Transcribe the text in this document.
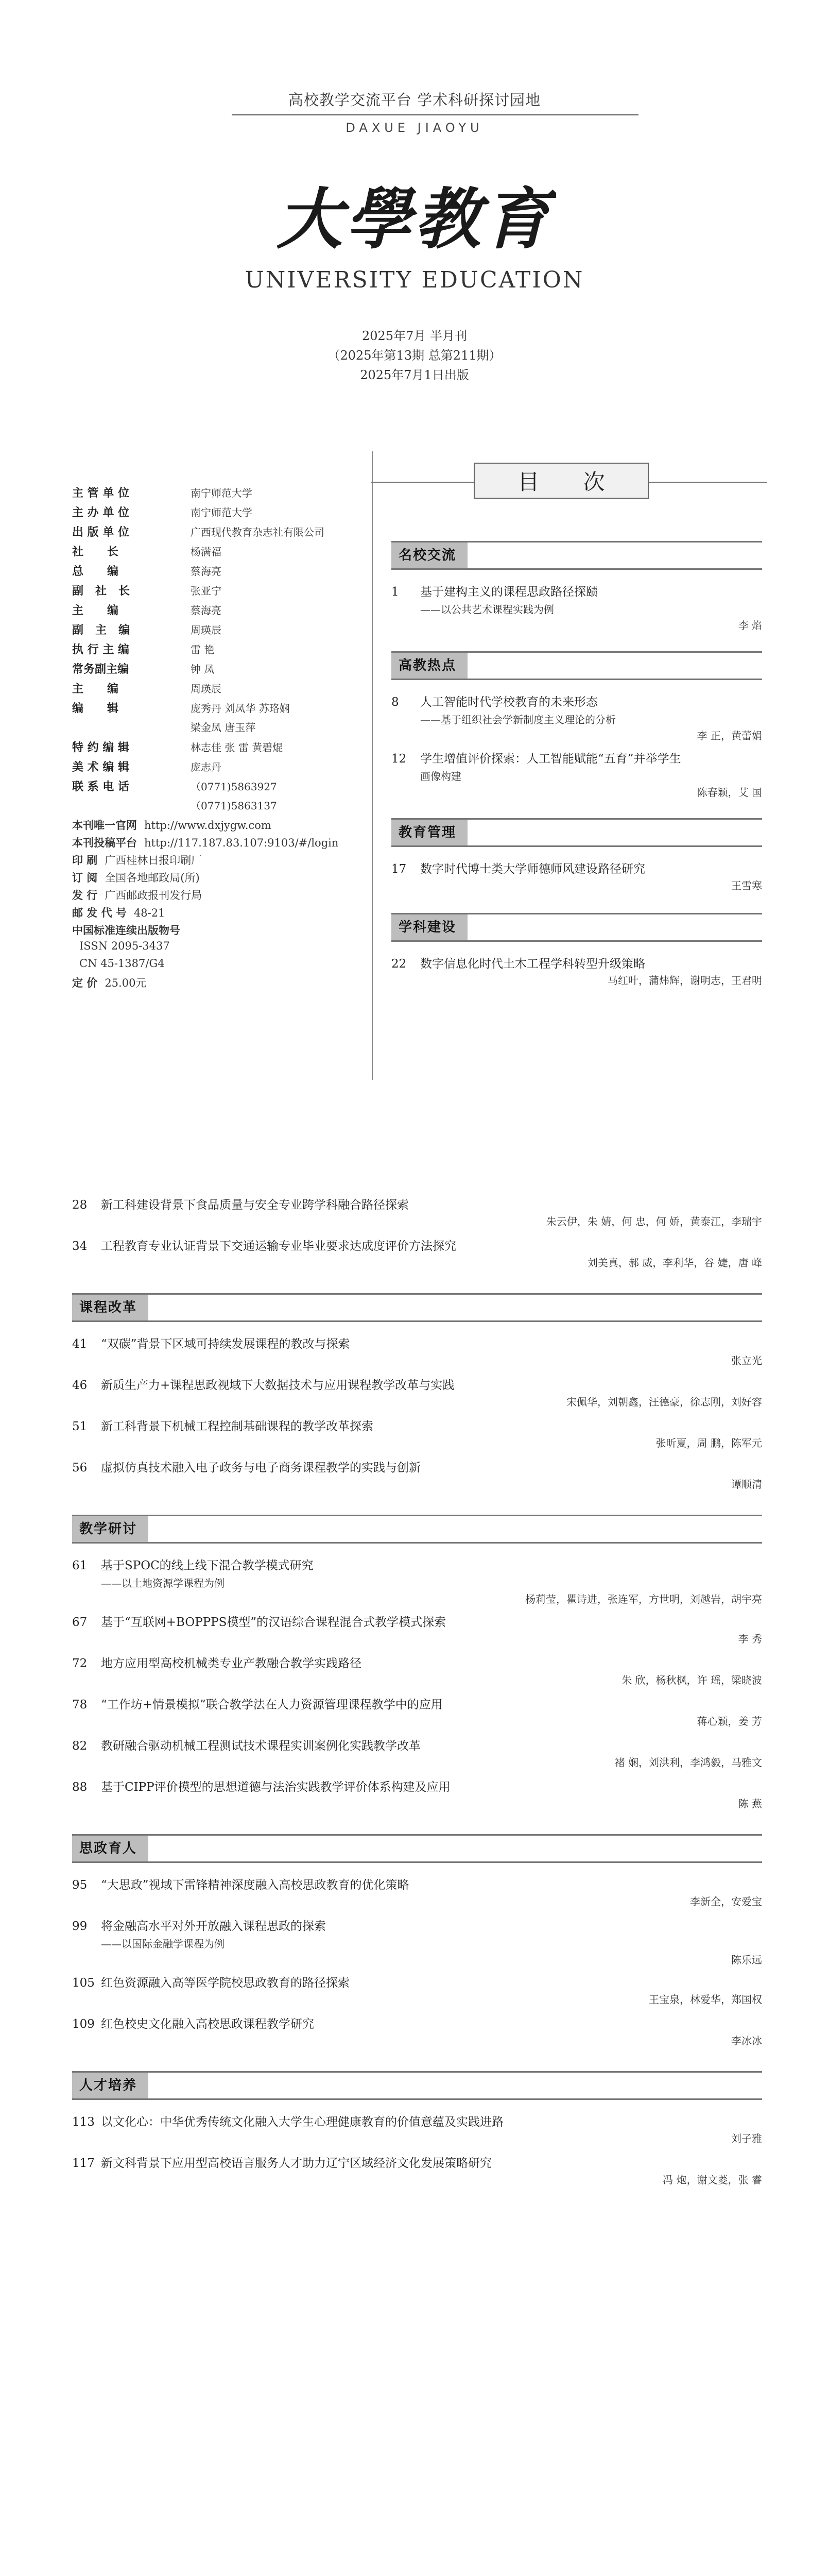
高校教学交流平台 学术科研探讨园地
DAXUE JIAOYU
大學教育
UNIVERSITY EDUCATION
2025年7月 半月刊
（2025年第13期 总第211期）
2025年7月1日出版
主 管 单 位	南宁师范大学
主 办 单 位	南宁师范大学
出 版 单 位	广西现代教育杂志社有限公司
社      长	杨满福
总      编	蔡海亮
副   社   长	张亚宁
主      编	蔡海亮
副   主   编	周瑛辰
执 行 主 编	雷 艳
常务副主编	钟 凤
主      编	周瑛辰
编      辑	庞秀丹 刘凤华 苏珞娴
梁金凤 唐玉萍
特 约 编 辑	林志佳 张 雷 黄碧焜
美 术 编 辑	庞志丹
联 系 电 话	（0771)5863927
（0771)5863137
本刊唯一官网 http://www.dxjygw.com
本刊投稿平台 http://117.187.83.107:9103/#/login
印 刷 广西桂林日报印刷厂
订 阅 全国各地邮政局(所)
发 行 广西邮政报刊发行局
邮 发 代 号 48-21
中国标准连续出版物号
ISSN 2095-3437
CN 45-1387/G4
定 价 25.00元
目 次
名校交流
1 基于建构主义的课程思政路径探赜
——以公共艺术课程实践为例
李 焰
高教热点
8 人工智能时代学校教育的未来形态
——基于组织社会学新制度主义理论的分析
李 正，黄蕾娟
12 学生增值评价探索：人工智能赋能“五育”并举学生
画像构建
陈春颖，艾 国
教育管理
17 数字时代博士类大学师德师风建设路径研究
王雪寒
学科建设
22 数字信息化时代土木工程学科转型升级策略
马红叶，蒲炜辉，谢明志，王君明
28 新工科建设背景下食品质量与安全专业跨学科融合路径探索
朱云伊，朱 婧，何 忠，何 娇，黄泰江，李瑞宇
34 工程教育专业认证背景下交通运输专业毕业要求达成度评价方法探究
刘美真，郝 威，李利华，谷 婕，唐 峰
课程改革
41 “双碳”背景下区域可持续发展课程的教改与探索
张立光
46 新质生产力+课程思政视域下大数据技术与应用课程教学改革与实践
宋佩华，刘朝鑫，汪德豪，徐志刚，刘好容
51 新工科背景下机械工程控制基础课程的教学改革探索
张昕夏，周 鹏，陈军元
56 虚拟仿真技术融入电子政务与电子商务课程教学的实践与创新
谭顺清
教学研讨
61 基于SPOC的线上线下混合教学模式研究
——以土地资源学课程为例
杨莉莹，瞿诗进，张连军，方世明，刘越岩，胡宇亮
67 基于“互联网+BOPPPS模型”的汉语综合课程混合式教学模式探索
李 秀
72 地方应用型高校机械类专业产教融合教学实践路径
朱 欣，杨秋枫，许 瑶，梁晓波
78 “工作坊+情景模拟”联合教学法在人力资源管理课程教学中的应用
蒋心颖，姜 芳
82 教研融合驱动机械工程测试技术课程实训案例化实践教学改革
褚 娴，刘洪利，李鸿毅，马雅文
88 基于CIPP评价模型的思想道德与法治实践教学评价体系构建及应用
陈 燕
思政育人
95 “大思政”视域下雷锋精神深度融入高校思政教育的优化策略
李新全，安爱宝
99 将金融高水平对外开放融入课程思政的探索
——以国际金融学课程为例
陈乐远
105 红色资源融入高等医学院校思政教育的路径探索
王宝泉，林爱华，郑国权
109 红色校史文化融入高校思政课程教学研究
李冰冰
人才培养
113 以文化心：中华优秀传统文化融入大学生心理健康教育的价值意蕴及实践进路
刘子雅
117 新文科背景下应用型高校语言服务人才助力辽宁区域经济文化发展策略研究
冯 炮，谢文菱，张 睿
